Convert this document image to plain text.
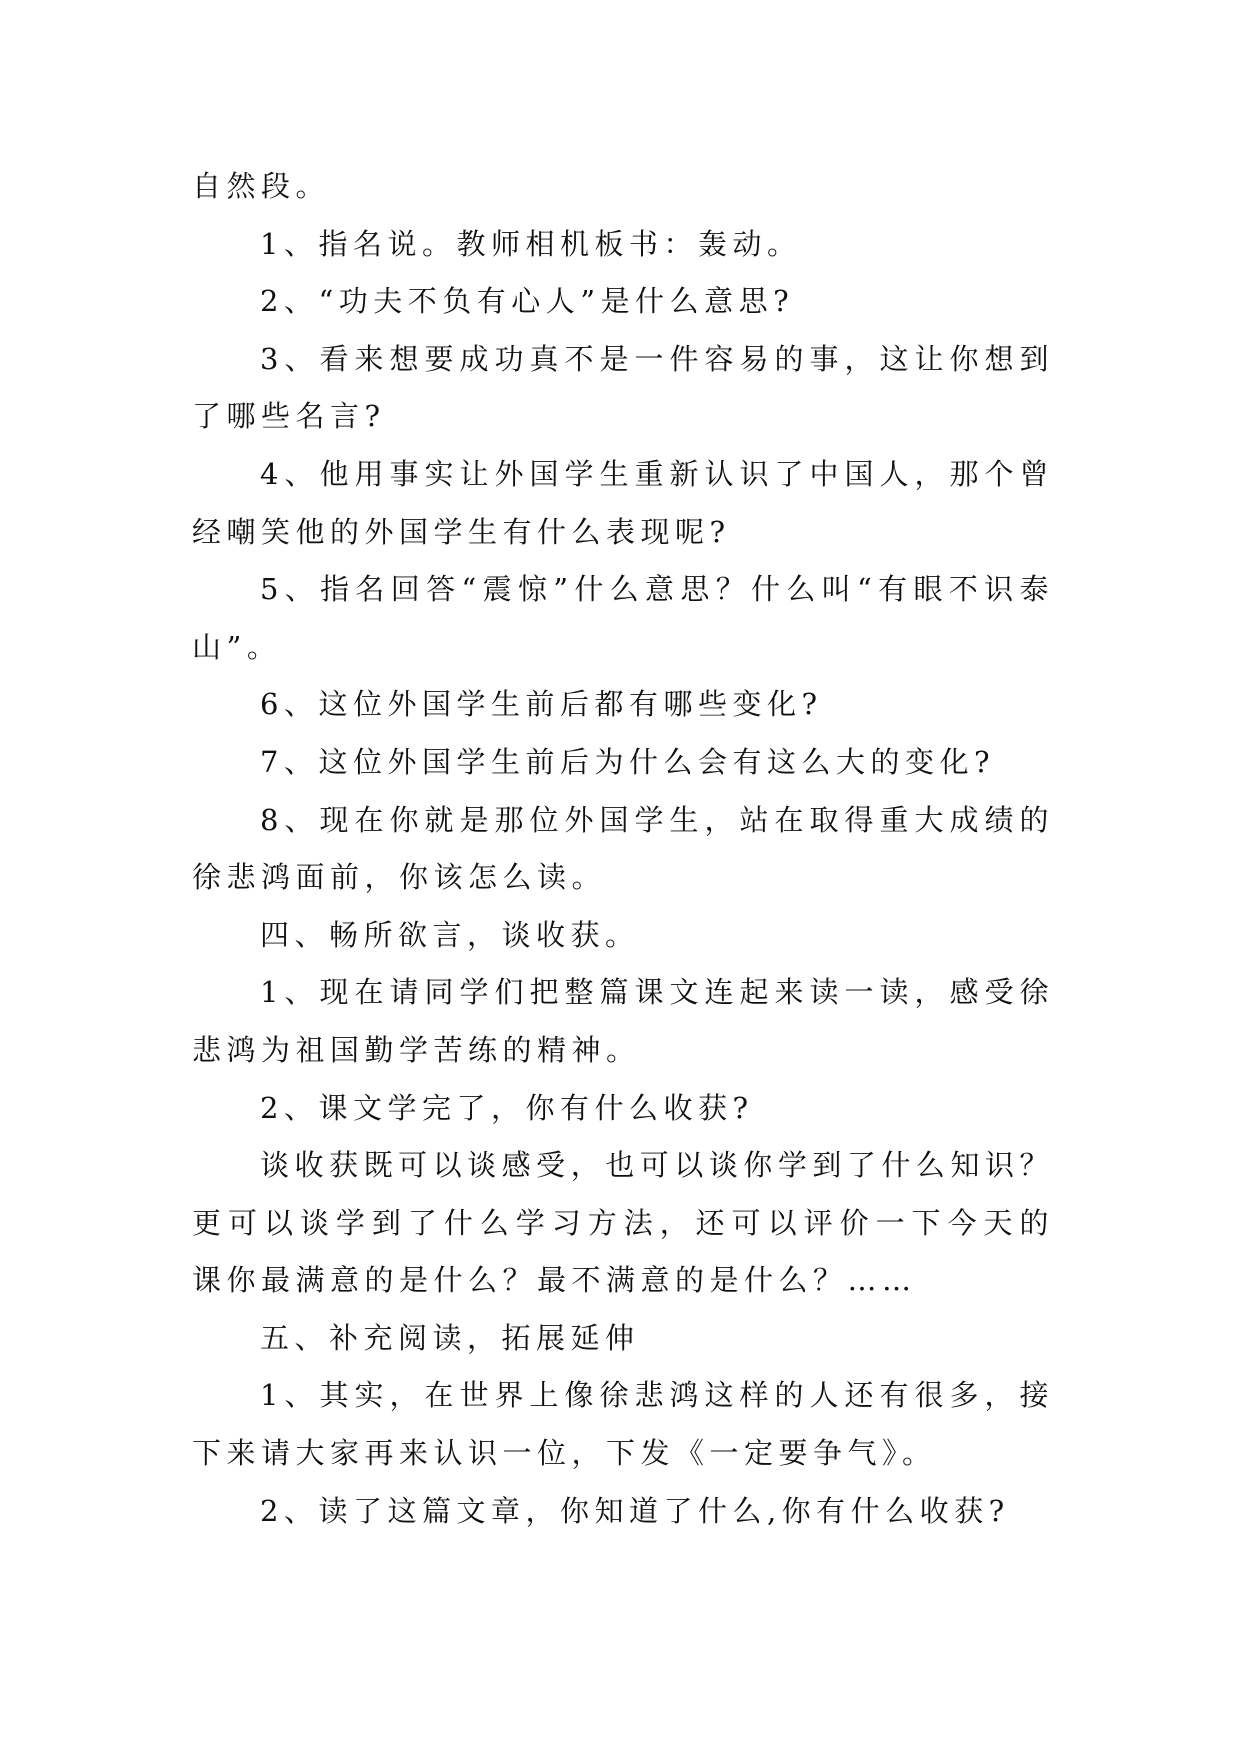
自然段。

1、指名说。教师相机板书：轰动。

2、“功夫不负有心人”是什么意思?

3、看来想要成功真不是一件容易的事，这让你想到了哪些名言?

4、他用事实让外国学生重新认识了中国人，那个曾经嘲笑他的外国学生有什么表现呢?

5、指名回答“震惊”什么意思？什么叫“有眼不识泰山”。

6、这位外国学生前后都有哪些变化?

7、这位外国学生前后为什么会有这么大的变化?

8、现在你就是那位外国学生，站在取得重大成绩的徐悲鸿面前，你该怎么读。

四、畅所欲言，谈收获。

1、现在请同学们把整篇课文连起来读一读，感受徐悲鸿为祖国勤学苦练的精神。

2、课文学完了，你有什么收获?

谈收获既可以谈感受，也可以谈你学到了什么知识？更可以谈学到了什么学习方法，还可以评价一下今天的课你最满意的是什么？最不满意的是什么？……

五、补充阅读，拓展延伸

1、其实，在世界上像徐悲鸿这样的人还有很多，接下来请大家再来认识一位，下发《一定要争气》。

2、读了这篇文章，你知道了什么,你有什么收获?
